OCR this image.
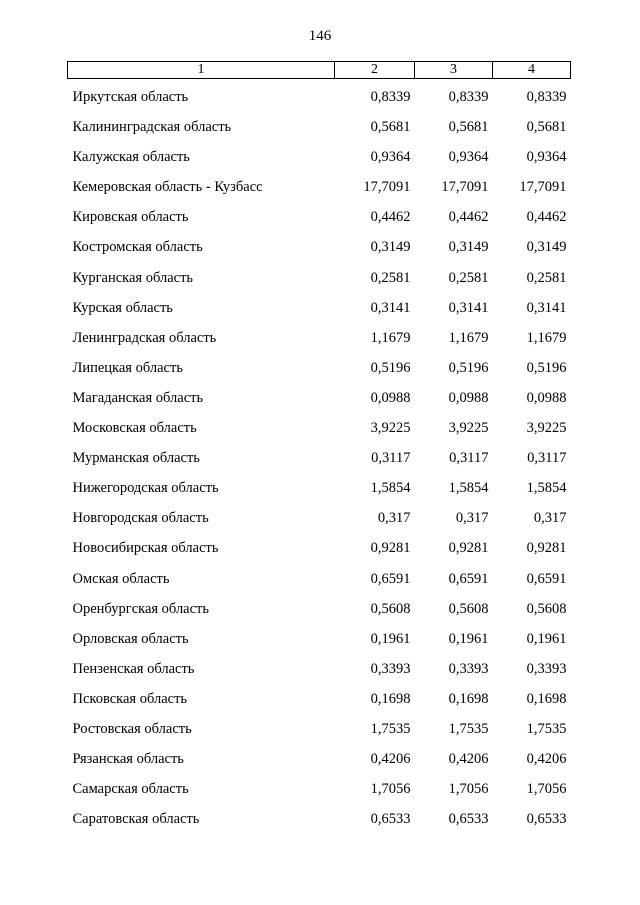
146
1	2	3	4
Иркутская область	0,8339	0,8339	0,8339
Калининградская область	0,5681	0,5681	0,5681
Калужская область	0,9364	0,9364	0,9364
Кемеровская область - Кузбасс	17,7091	17,7091	17,7091
Кировская область	0,4462	0,4462	0,4462
Костромская область	0,3149	0,3149	0,3149
Курганская область	0,2581	0,2581	0,2581
Курская область	0,3141	0,3141	0,3141
Ленинградская область	1,1679	1,1679	1,1679
Липецкая область	0,5196	0,5196	0,5196
Магаданская область	0,0988	0,0988	0,0988
Московская область	3,9225	3,9225	3,9225
Мурманская область	0,3117	0,3117	0,3117
Нижегородская область	1,5854	1,5854	1,5854
Новгородская область	0,317	0,317	0,317
Новосибирская область	0,9281	0,9281	0,9281
Омская область	0,6591	0,6591	0,6591
Оренбургская область	0,5608	0,5608	0,5608
Орловская область	0,1961	0,1961	0,1961
Пензенская область	0,3393	0,3393	0,3393
Псковская область	0,1698	0,1698	0,1698
Ростовская область	1,7535	1,7535	1,7535
Рязанская область	0,4206	0,4206	0,4206
Самарская область	1,7056	1,7056	1,7056
Саратовская область	0,6533	0,6533	0,6533
